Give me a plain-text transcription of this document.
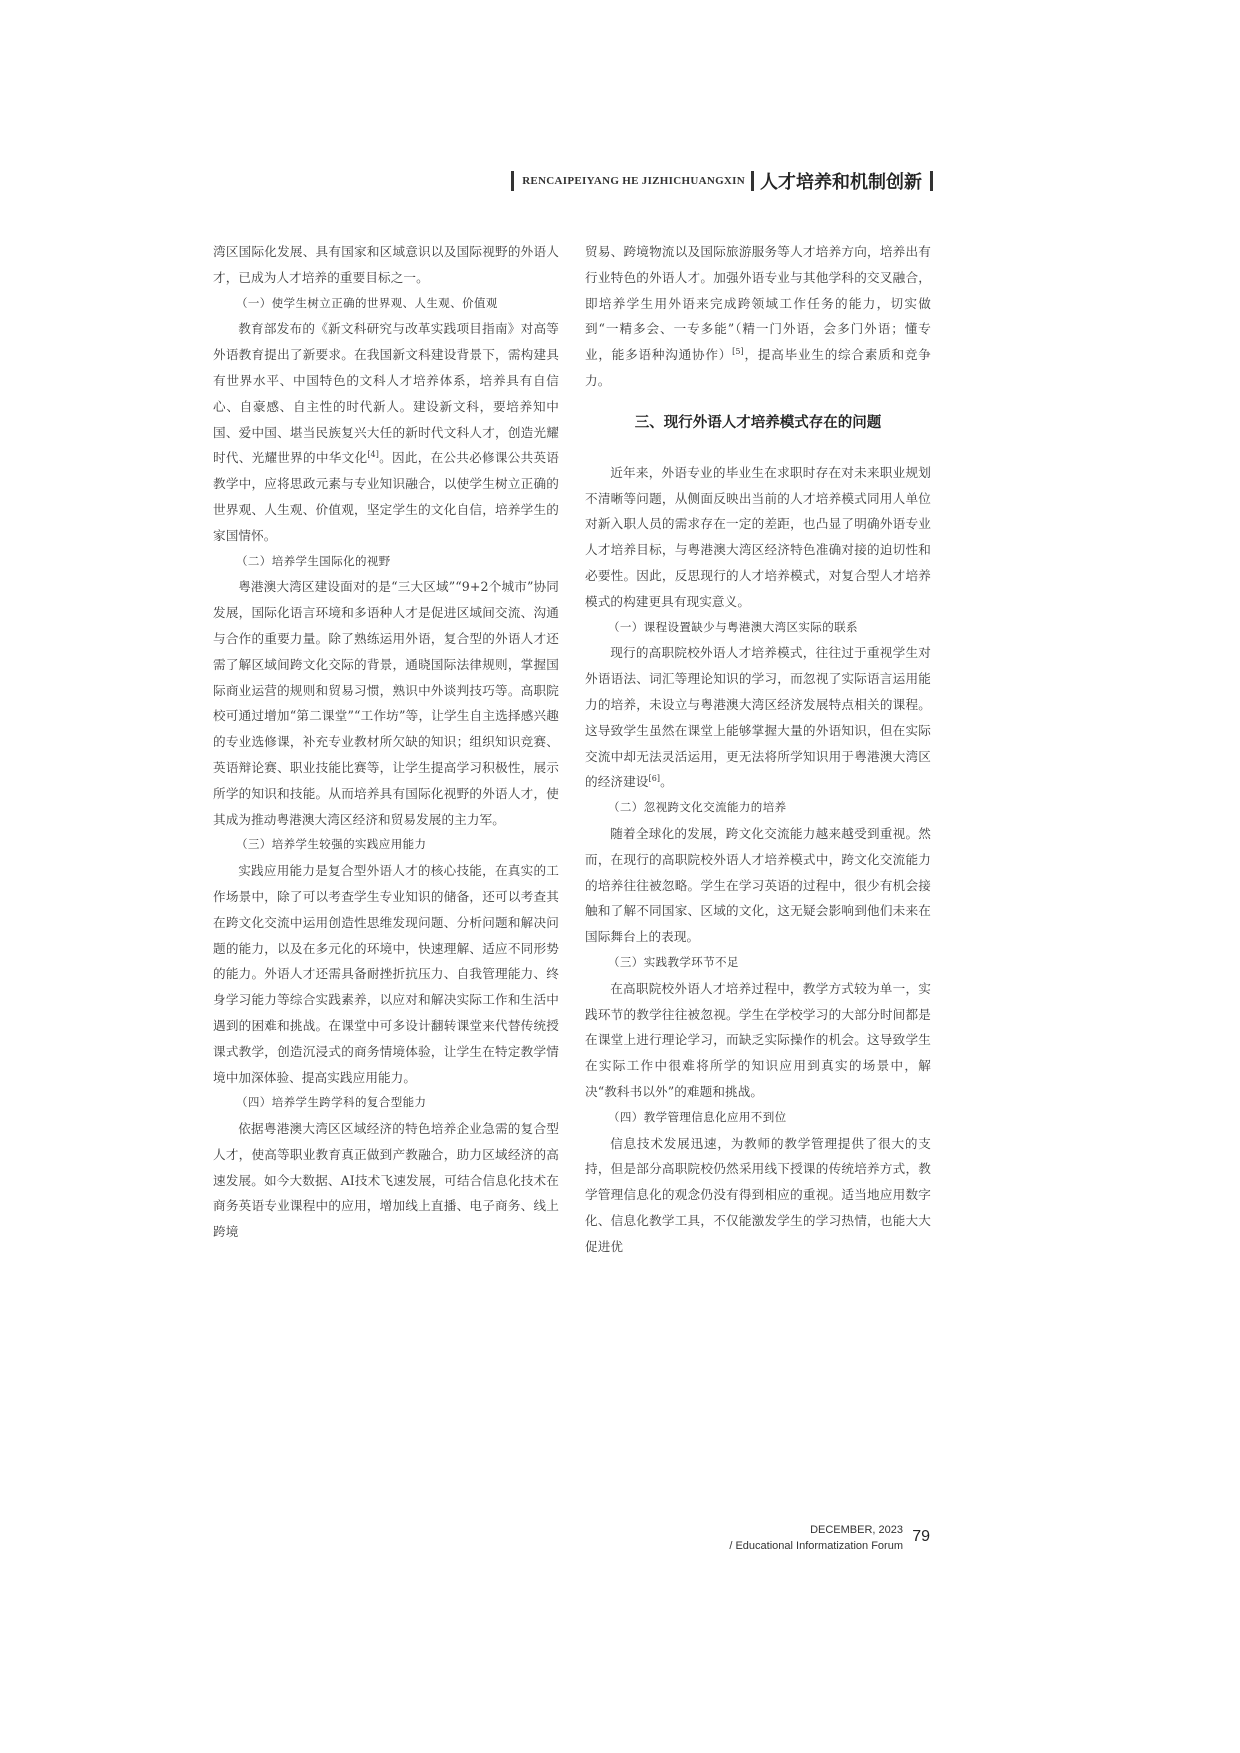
RENCAIPEIYANG HE JIZHICHUANGXIN 人才培养和机制创新

湾区国际化发展、具有国家和区域意识以及国际视野的外语人才，已成为人才培养的重要目标之一。

（一）使学生树立正确的世界观、人生观、价值观

教育部发布的《新文科研究与改革实践项目指南》对高等外语教育提出了新要求。在我国新文科建设背景下，需构建具有世界水平、中国特色的文科人才培养体系，培养具有自信心、自豪感、自主性的时代新人。建设新文科，要培养知中国、爱中国、堪当民族复兴大任的新时代文科人才，创造光耀时代、光耀世界的中华文化[4]。因此，在公共必修课公共英语教学中，应将思政元素与专业知识融合，以使学生树立正确的世界观、人生观、价值观，坚定学生的文化自信，培养学生的家国情怀。

（二）培养学生国际化的视野

粤港澳大湾区建设面对的是“三大区域”“9+2个城市”协同发展，国际化语言环境和多语种人才是促进区域间交流、沟通与合作的重要力量。除了熟练运用外语，复合型的外语人才还需了解区域间跨文化交际的背景，通晓国际法律规则，掌握国际商业运营的规则和贸易习惯，熟识中外谈判技巧等。高职院校可通过增加“第二课堂”“工作坊”等，让学生自主选择感兴趣的专业选修课，补充专业教材所欠缺的知识；组织知识竞赛、英语辩论赛、职业技能比赛等，让学生提高学习积极性，展示所学的知识和技能。从而培养具有国际化视野的外语人才，使其成为推动粤港澳大湾区经济和贸易发展的主力军。

（三）培养学生较强的实践应用能力

实践应用能力是复合型外语人才的核心技能，在真实的工作场景中，除了可以考查学生专业知识的储备，还可以考查其在跨文化交流中运用创造性思维发现问题、分析问题和解决问题的能力，以及在多元化的环境中，快速理解、适应不同形势的能力。外语人才还需具备耐挫折抗压力、自我管理能力、终身学习能力等综合实践素养，以应对和解决实际工作和生活中遇到的困难和挑战。在课堂中可多设计翻转课堂来代替传统授课式教学，创造沉浸式的商务情境体验，让学生在特定教学情境中加深体验、提高实践应用能力。

（四）培养学生跨学科的复合型能力

依据粤港澳大湾区区域经济的特色培养企业急需的复合型人才，使高等职业教育真正做到产教融合，助力区域经济的高速发展。如今大数据、AI技术飞速发展，可结合信息化技术在商务英语专业课程中的应用，增加线上直播、电子商务、线上跨境

贸易、跨境物流以及国际旅游服务等人才培养方向，培养出有行业特色的外语人才。加强外语专业与其他学科的交叉融合，即培养学生用外语来完成跨领域工作任务的能力，切实做到“一精多会、一专多能”（精一门外语，会多门外语；懂专业，能多语种沟通协作）[5]，提高毕业生的综合素质和竞争力。

三、现行外语人才培养模式存在的问题

近年来，外语专业的毕业生在求职时存在对未来职业规划不清晰等问题，从侧面反映出当前的人才培养模式同用人单位对新入职人员的需求存在一定的差距，也凸显了明确外语专业人才培养目标，与粤港澳大湾区经济特色准确对接的迫切性和必要性。因此，反思现行的人才培养模式，对复合型人才培养模式的构建更具有现实意义。

（一）课程设置缺少与粤港澳大湾区实际的联系

现行的高职院校外语人才培养模式，往往过于重视学生对外语语法、词汇等理论知识的学习，而忽视了实际语言运用能力的培养，未设立与粤港澳大湾区经济发展特点相关的课程。这导致学生虽然在课堂上能够掌握大量的外语知识，但在实际交流中却无法灵活运用，更无法将所学知识用于粤港澳大湾区的经济建设[6]。

（二）忽视跨文化交流能力的培养

随着全球化的发展，跨文化交流能力越来越受到重视。然而，在现行的高职院校外语人才培养模式中，跨文化交流能力的培养往往被忽略。学生在学习英语的过程中，很少有机会接触和了解不同国家、区域的文化，这无疑会影响到他们未来在国际舞台上的表现。

（三）实践教学环节不足

在高职院校外语人才培养过程中，教学方式较为单一，实践环节的教学往往被忽视。学生在学校学习的大部分时间都是在课堂上进行理论学习，而缺乏实际操作的机会。这导致学生在实际工作中很难将所学的知识应用到真实的场景中，解决“教科书以外”的难题和挑战。

（四）教学管理信息化应用不到位

信息技术发展迅速，为教师的教学管理提供了很大的支持，但是部分高职院校仍然采用线下授课的传统培养方式，教学管理信息化的观念仍没有得到相应的重视。适当地应用数字化、信息化教学工具，不仅能激发学生的学习热情，也能大大促进优

DECEMBER, 2023
/ Educational Informatization Forum
79
